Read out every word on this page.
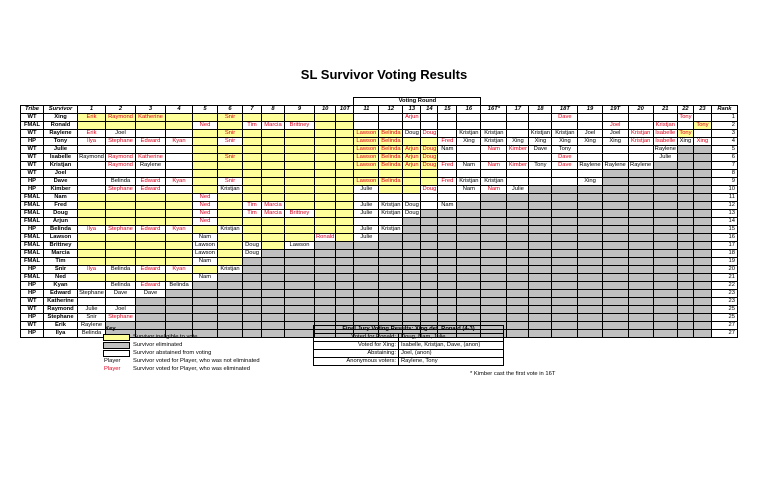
SL Survivor Voting Results
													Voting Round																
Tribe	Survivor	1	2	3	4	5	6	7	8	9	10	10T	11	12	13	14	15	16	16T*	17	18	18T	19	19T	20	21	22	23	Rank
WT	Xing	Erik	Raymond	Katherine			Snir								Arjun							Dave					Tony		1
FMAL	Ronald					Ned		Tim	Marcia	Brittney														Joel		Kristjan		Tony	2
WT	Raylene	Erik	Joel				Snir						Lawson	Belinda	Doug	Doug		Kristjan	Kristjan		Kristjan	Kristjan	Joel	Joel	Kristjan	Isabelle	Tony		3
HP	Tony	Ilya	Stephane	Edward	Kyan		Snir						Lawson	Belinda			Fred	Xing	Kristjan	Xing	Xing	Xing	Xing	Xing	Kristjan	Isabelle	Xing	Xing	4
WT	Julie												Lawson	Belinda	Arjun	Doug	Nam		Nam	Kimber	Dave	Tony				Raylene			5
WT	Isabelle	Raymond	Raymond	Katherine			Snir						Lawson	Belinda	Arjun	Doug						Dave				Julie			6
WT	Kristjan		Raymond	Raylene									Lawson	Belinda	Arjun	Doug	Fred	Nam	Nam	Kimber	Tony	Dave	Raylene	Raylene	Raylene				7
WT	Joel																												8
HP	Dave		Belinda	Edward	Kyan		Snir						Lawson	Belinda			Fred	Kristjan	Kristjan				Xing						9
HP	Kimber		Stephane	Edward			Kristjan						Julie			Doug		Nam	Nam	Julie									10
FMAL	Nam					Ned																							11
FMAL	Fred					Ned		Tim	Marcia				Julie	Kristjan	Doug		Nam												12
FMAL	Doug					Ned		Tim	Marcia	Brittney			Julie	Kristjan	Doug														13
FMAL	Arjun					Ned																							14
HP	Belinda	Ilya	Stephane	Edward	Kyan		Kristjan						Julie	Kristjan															15
FMAL	Lawson					Nam					Ronald		Julie																16
FMAL	Brittney					Lawson		Doug		Lawson																			17
FMAL	Marcia					Lawson		Doug																					18
FMAL	Tim					Nam																							19
HP	Snir	Ilya	Belinda	Edward	Kyan		Kristjan																						20
FMAL	Ned					Nam																							21
HP	Kyan		Belinda	Edward	Belinda																								22
HP	Edward	Stephane	Dave	Dave																									23
WT	Katherine																												23
WT	Raymond	Julie	Joel																										25
HP	Stephane	Snir	Stephane																										25
WT	Erik	Raylene																											27
HP	Ilya	Belinda																											27
Key
Survivor ineligible to vote
Survivor eliminated
Survivor abstained from voting
Player	Survivor voted for Player, who was not eliminated
Player	Survivor voted for Player, who was eliminated
Final Jury Voting Results: Xing def. Ronald (4-3)	
Voted for Ronald:	Doug, Nam, Julie
Voted for Xing:	Isabelle, Kristjan, Dave, (anon)
Abstaining:	Joel, (anon)
Anonymous voters:	Raylene, Tony
* Kimber cast the first vote in 16T
